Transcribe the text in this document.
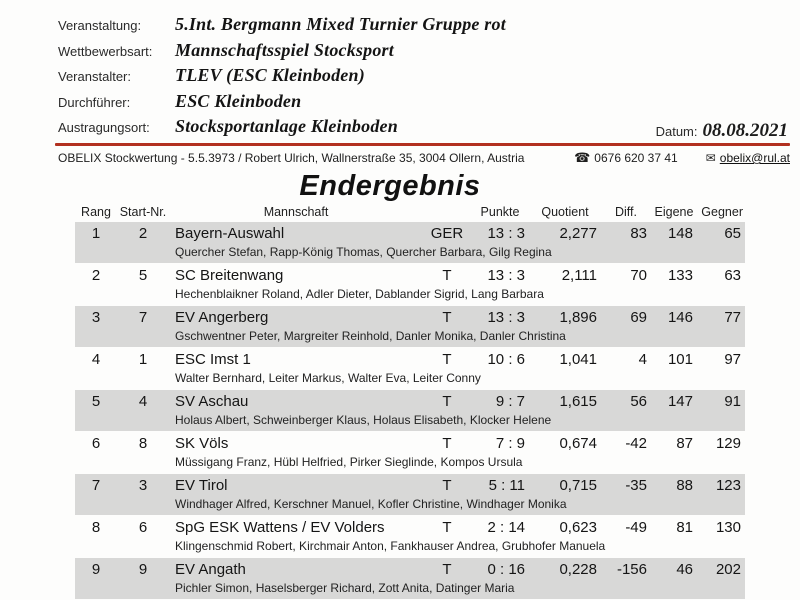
Veranstaltung:	5.Int. Bergmann Mixed Turnier Gruppe rot
Wettbewerbsart:	Mannschaftsspiel Stocksport
Veranstalter:	TLEV (ESC Kleinboden)
Durchführer:	ESC Kleinboden
Austragungsort:	Stocksportanlage Kleinboden	Datum: 08.08.2021
OBELIX Stockwertung - 5.5.3973 / Robert Ulrich, Wallnerstraße 35, 3004 Ollern, Austria	☎ 0676 620 37 41 ✉ obelix@rul.at
Endergebnis
Rang Start-Nr.	Mannschaft	Punkte	Quotient	Diff.	Eigene Gegner
1	2	Bayern-Auswahl	GER	13 : 3	2,277	83	148	65
Quercher Stefan, Rapp-König Thomas, Quercher Barbara, Gilg Regina
2	5	SC Breitenwang	T	13 : 3	2,111	70	133	63
Hechenblaikner Roland, Adler Dieter, Dablander Sigrid, Lang Barbara
3	7	EV Angerberg	T	13 : 3	1,896	69	146	77
Gschwentner Peter, Margreiter Reinhold, Danler Monika, Danler Christina
4	1	ESC Imst 1	T	10 : 6	1,041	4	101	97
Walter Bernhard, Leiter Markus, Walter Eva, Leiter Conny
5	4	SV Aschau	T	9 : 7	1,615	56	147	91
Holaus Albert, Schweinberger Klaus, Holaus Elisabeth, Klocker Helene
6	8	SK Völs	T	7 : 9	0,674	-42	87	129
Müssigang Franz, Hübl Helfried, Pirker Sieglinde, Kompos Ursula
7	3	EV Tirol	T	5 : 11	0,715	-35	88	123
Windhager Alfred, Kerschner Manuel, Kofler Christine, Windhager Monika
8	6	SpG ESK Wattens / EV Volders	T	2 : 14	0,623	-49	81	130
Klingenschmid Robert, Kirchmair Anton, Fankhauser Andrea, Grubhofer Manuela
9	9	EV Angath	T	0 : 16	0,228	-156	46	202
Pichler Simon, Haselsberger Richard, Zott Anita, Datinger Maria
